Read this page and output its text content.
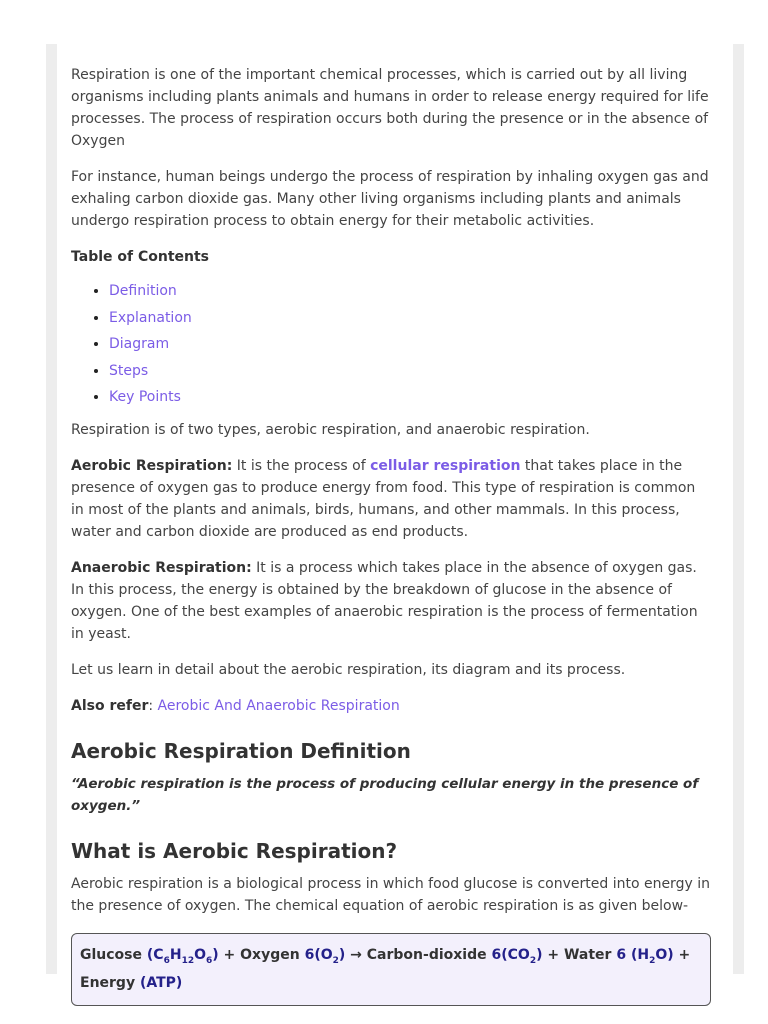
Respiration is one of the important chemical processes, which is carried out by all living organisms including plants animals and humans in order to release energy required for life processes. The process of respiration occurs both during the presence or in the absence of Oxygen

For instance, human beings undergo the process of respiration by inhaling oxygen gas and exhaling carbon dioxide gas. Many other living organisms including plants and animals undergo respiration process to obtain energy for their metabolic activities.

Table of Contents
• Definition
• Explanation
• Diagram
• Steps
• Key Points

Respiration is of two types, aerobic respiration, and anaerobic respiration.

Aerobic Respiration: It is the process of cellular respiration that takes place in the presence of oxygen gas to produce energy from food. This type of respiration is common in most of the plants and animals, birds, humans, and other mammals. In this process, water and carbon dioxide are produced as end products.

Anaerobic Respiration: It is a process which takes place in the absence of oxygen gas. In this process, the energy is obtained by the breakdown of glucose in the absence of oxygen. One of the best examples of anaerobic respiration is the process of fermentation in yeast.

Let us learn in detail about the aerobic respiration, its diagram and its process.

Also refer: Aerobic And Anaerobic Respiration

Aerobic Respiration Definition

“Aerobic respiration is the process of producing cellular energy in the presence of oxygen.”

What is Aerobic Respiration?

Aerobic respiration is a biological process in which food glucose is converted into energy in the presence of oxygen. The chemical equation of aerobic respiration is as given below-

Glucose $(C_6H_{12}O_6)$ + Oxygen $6(O_2)$ → Carbon-dioxide $6(CO_2)$ + Water 6 $(H_2O)$ + Energy (ATP)
